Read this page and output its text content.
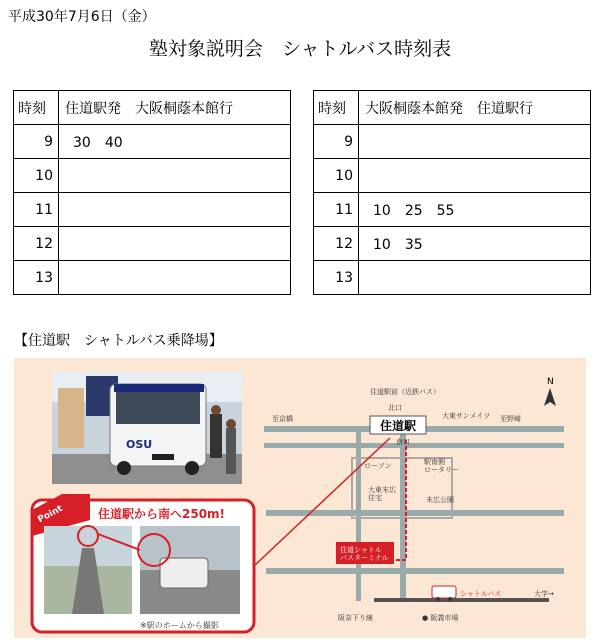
平成30年7月6日（金）
塾対象説明会　シャトルバス時刻表
時刻	住道駅発　大阪桐蔭本館行
9	30　40
10	
11	
12	
13	
時刻	大阪桐蔭本館発　住道駅行
9	
10	
11	10　25　55
12	10　35
13	
【住道駅　シャトルバス乗降場】
OSU
Point	住道駅から南へ250m!
※駅のホームから撮影
住道駅
北口
南口
住道駅前（近鉄バス）
至京橋	至野崎
大東サンメイツ
N
ローソン	駅南側ロータリー
大東末広住宅	末広公園
住道シャトルバスターミナル
阪奈下り線	● 阪義市場
シャトルバス	大学→
